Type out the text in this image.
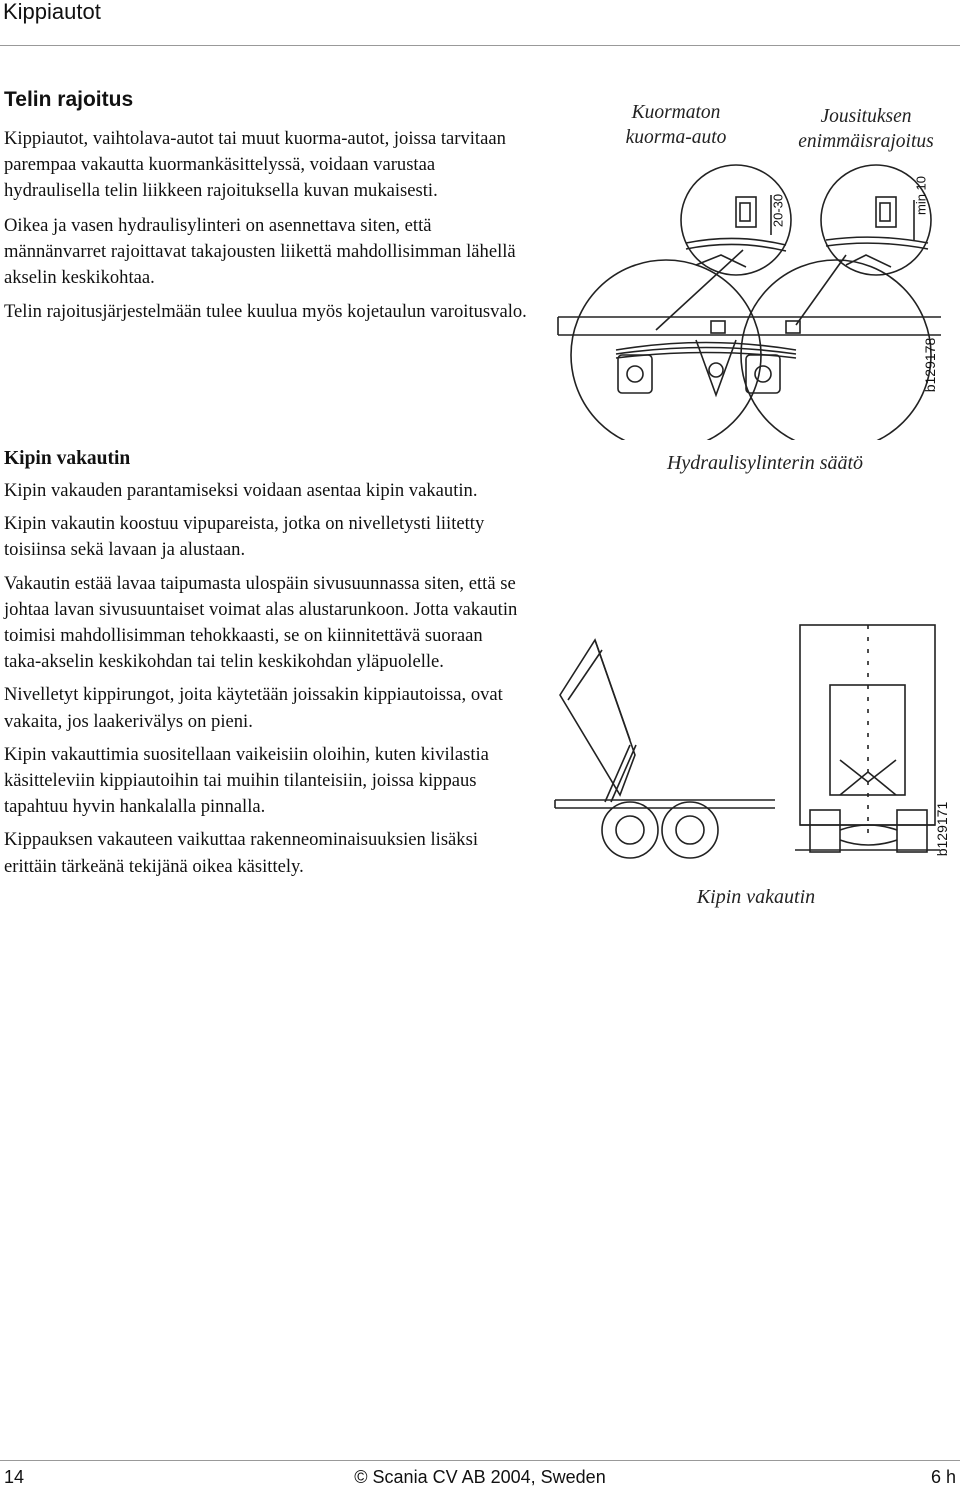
Kippiautot
Telin rajoitus

Kippiautot, vaihtolava-autot tai muut kuorma-autot, joissa tarvitaan parempaa vakautta kuormankäsittelyssä, voidaan varustaa hydraulisella telin liikkeen rajoituksella kuvan mukaisesti.

Oikea ja vasen hydraulisylinteri on asennettava siten, että männänvarret rajoittavat takajousten liikettä mahdollisimman lähellä akselin keskikohtaa.

Telin rajoitusjärjestelmään tulee kuulua myös kojetaulun varoitusvalo.

Kuormaton kuorma-auto
Jousituksen enimmäisrajoitus
20-30	min 10
b129178
Kipin vakautin

Kipin vakauden parantamiseksi voidaan asentaa kipin vakautin.

Kipin vakautin koostuu vipupareista, jotka on nivelletysti liitetty toisiinsa sekä lavaan ja alustaan.

Vakautin estää lavaa taipumasta ulospäin sivusuunnassa siten, että se johtaa lavan sivusuuntaiset voimat alas alustarunkoon. Jotta vakautin toimisi mahdollisimman tehokkaasti, se on kiinnitettävä suoraan taka-akselin keskikohdan tai telin keskikohdan yläpuolelle.

Nivelletyt kippirungot, joita käytetään joissakin kippiautoissa, ovat vakaita, jos laakerivälys on pieni.

Kipin vakauttimia suositellaan vaikeisiin oloihin, kuten kivilastia käsitteleviin kippiautoihin tai muihin tilanteisiin, joissa kippaus tapahtuu hyvin hankalalla pinnalla.

Kippauksen vakauteen vaikuttaa rakenneominaisuuksien lisäksi erittäin tärkeänä tekijänä oikea käsittely.

Hydraulisylinterin säätö
Kipin vakautin
b129171
14	© Scania CV AB 2004, Sweden	6 h
